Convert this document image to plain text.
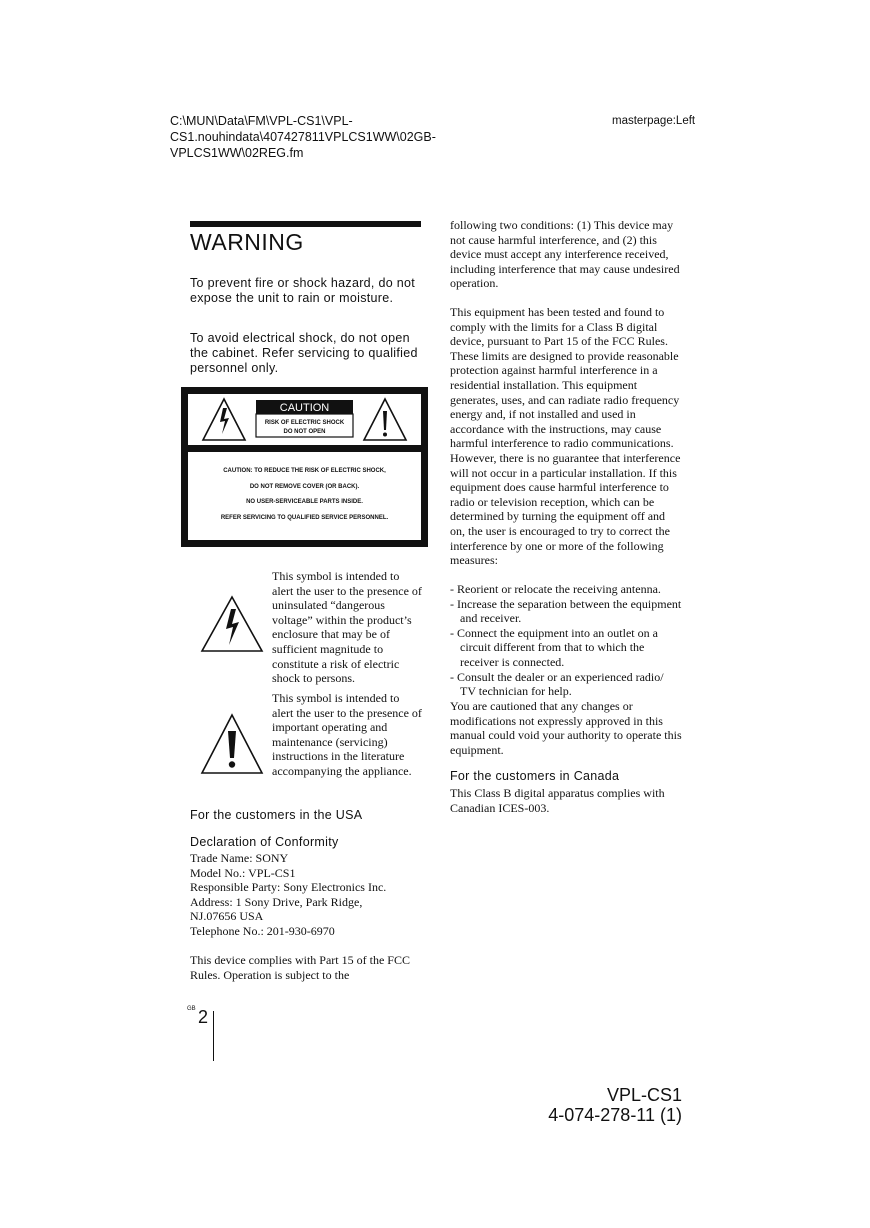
C:\MUN\Data\FM\VPL-CS1\VPL-CS1.nouhindata\407427811VPLCS1WW\02GB-VPLCS1WW\02REG.fm
masterpage:Left
WARNING
To prevent fire or shock hazard, do not expose the unit to rain or moisture.
To avoid electrical shock, do not open the cabinet. Refer servicing to qualified personnel only.
CAUTION
RISK OF ELECTRIC SHOCK
DO NOT OPEN
CAUTION: TO REDUCE THE RISK OF ELECTRIC SHOCK,
DO NOT REMOVE COVER (OR BACK).
NO USER-SERVICEABLE PARTS INSIDE.
REFER SERVICING TO QUALIFIED SERVICE PERSONNEL.
This symbol is intended to alert the user to the presence of uninsulated “dangerous voltage” within the product’s enclosure that may be of sufficient magnitude to constitute a risk of electric shock to persons.
This symbol is intended to alert the user to the presence of important operating and maintenance (servicing) instructions in the literature accompanying the appliance.
For the customers in the USA
Declaration of Conformity
Trade Name: SONY
Model No.: VPL-CS1
Responsible Party: Sony Electronics Inc.
Address: 1 Sony Drive, Park Ridge,
NJ.07656 USA
Telephone No.: 201-930-6970
This device complies with Part 15 of the FCC Rules. Operation is subject to the
GB 2
following two conditions: (1) This device may not cause harmful interference, and (2) this device must accept any interference received, including interference that may cause undesired operation.
This equipment has been tested and found to comply with the limits for a Class B digital device, pursuant to Part 15 of the FCC Rules. These limits are designed to provide reasonable protection against harmful interference in a residential installation. This equipment generates, uses, and can radiate radio frequency energy and, if not installed and used in accordance with the instructions, may cause harmful interference to radio communications. However, there is no guarantee that interference will not occur in a particular installation. If this equipment does cause harmful interference to radio or television reception, which can be determined by turning the equipment off and on, the user is encouraged to try to correct the interference by one or more of the following measures:
- Reorient or relocate the receiving antenna.
- Increase the separation between the equipment and receiver.
- Connect the equipment into an outlet on a circuit different from that to which the receiver is connected.
- Consult the dealer or an experienced radio/ TV technician for help.
You are cautioned that any changes or modifications not expressly approved in this manual could void your authority to operate this equipment.
For the customers in Canada
This Class B digital apparatus complies with Canadian ICES-003.
VPL-CS1
4-074-278-11 (1)
